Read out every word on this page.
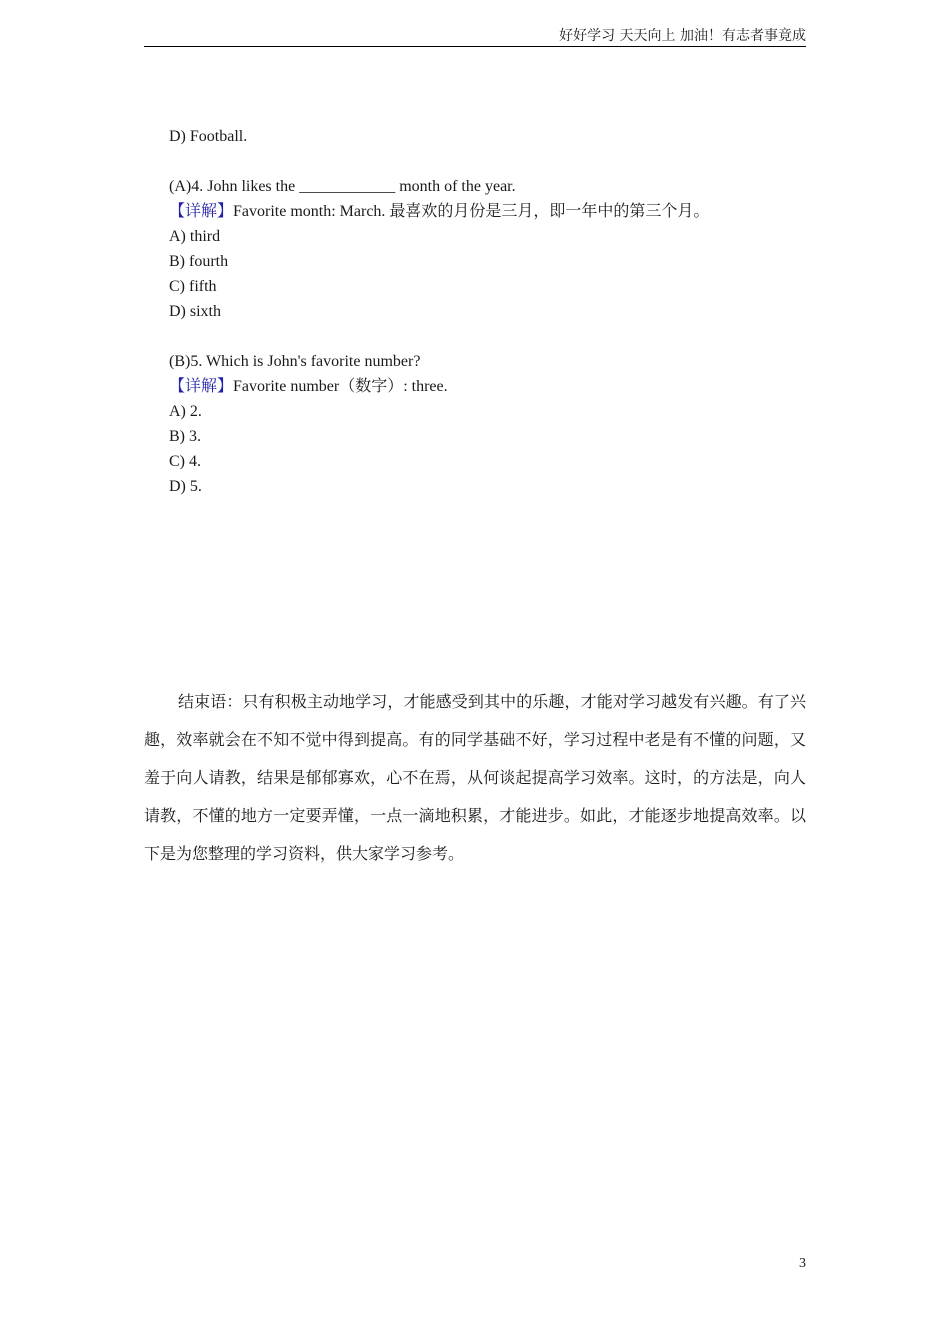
好好学习 天天向上 加油！有志者事竟成
D) Football.
(A)4. John likes the ____________ month of the year.
【详解】Favorite month: March. 最喜欢的月份是三月，即一年中的第三个月。
A) third
B) fourth
C) fifth
D) sixth
(B)5. Which is John's favorite number?
【详解】Favorite number（数字）: three.
A) 2.
B) 3.
C) 4.
D) 5.
结束语：只有积极主动地学习，才能感受到其中的乐趣，才能对学习越发有兴趣。有了兴趣，效率就会在不知不觉中得到提高。有的同学基础不好，学习过程中老是有不懂的问题，又羞于向人请教，结果是郁郁寡欢，心不在焉，从何谈起提高学习效率。这时，的方法是，向人请教，不懂的地方一定要弄懂，一点一滴地积累，才能进步。如此，才能逐步地提高效率。以下是为您整理的学习资料，供大家学习参考。
3
